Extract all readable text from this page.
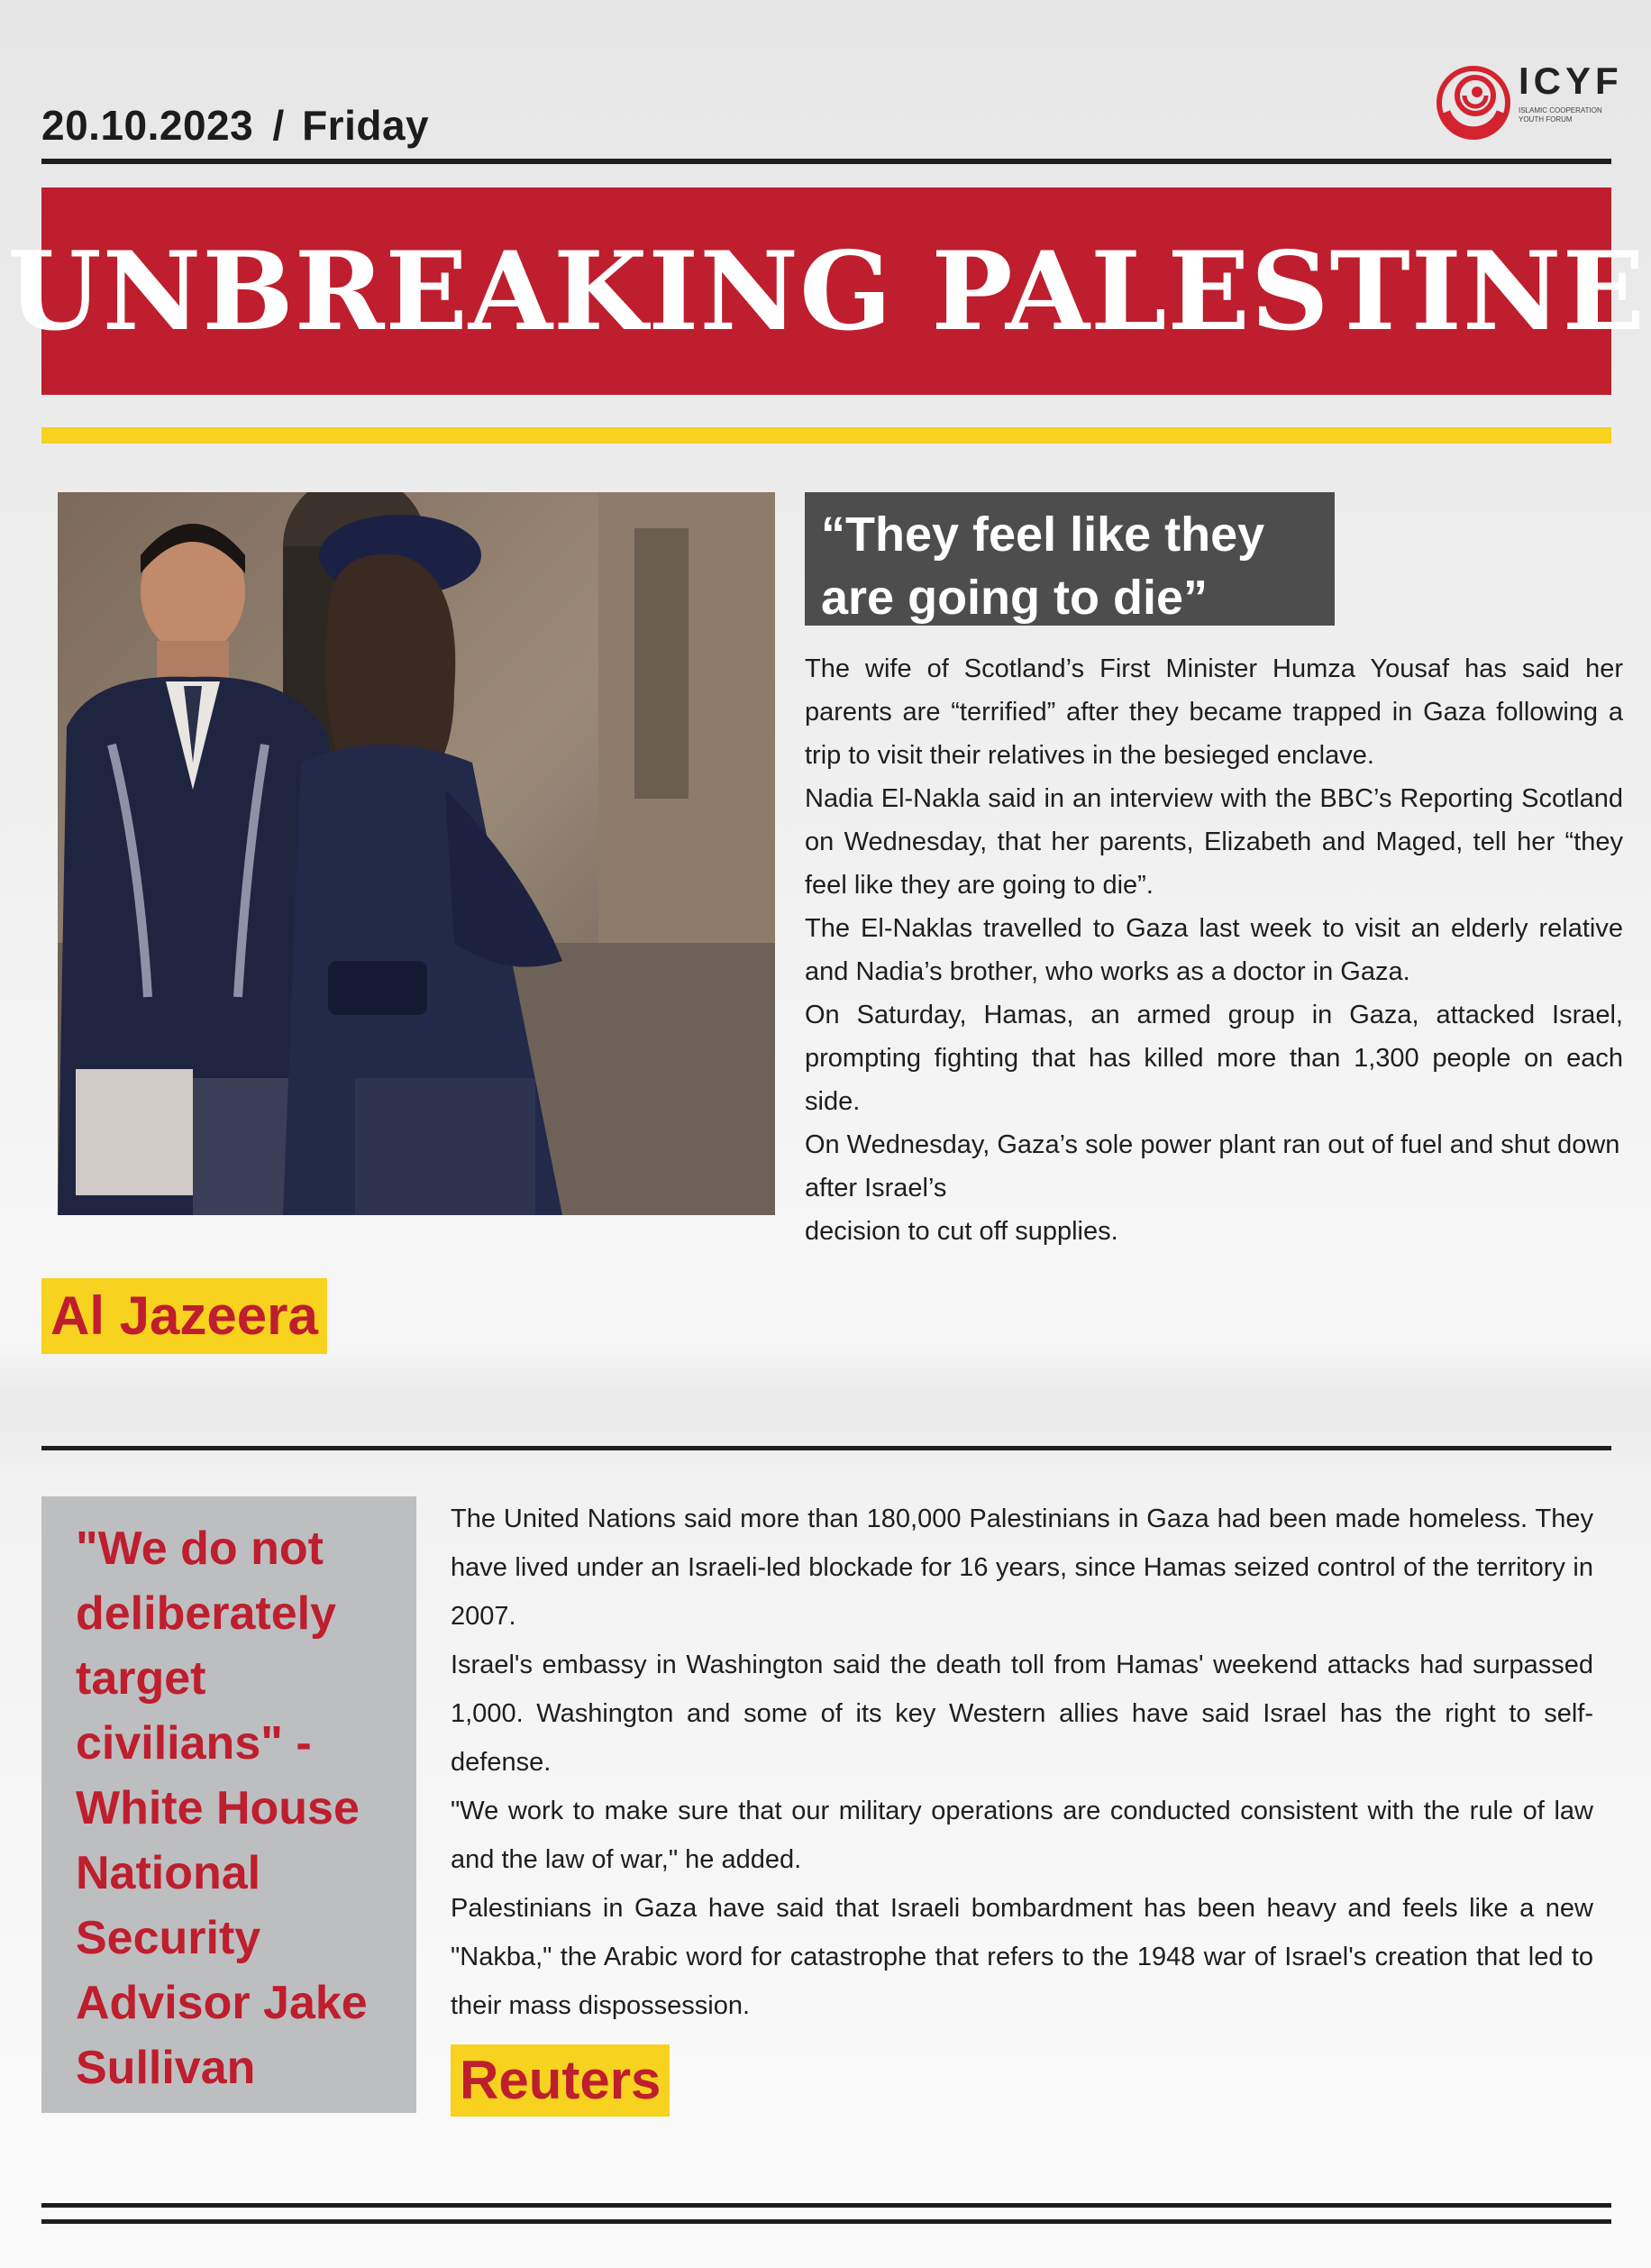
20.10.2023 / Friday
ICYF
ISLAMIC COOPERATION YOUTH FORUM
UNBREAKING PALESTINE
“They feel like they
are going to die”

The wife of Scotland’s First Minister Humza Yousaf has said her parents are “terrified” after they became trapped in Gaza following a trip to visit their relatives in the besieged enclave.

Nadia El-Nakla said in an interview with the BBC’s Reporting Scotland on Wednesday, that her parents, Elizabeth and Maged, tell her “they feel like they are going to die”.

The El-Naklas travelled to Gaza last week to visit an elderly relative and Nadia’s brother, who works as a doctor in Gaza.

On Saturday, Hamas, an armed group in Gaza, attacked Israel, prompting fighting that has killed more than 1,300 people on each side.

On Wednesday, Gaza’s sole power plant ran out of fuel and shut down after Israel’s

decision to cut off supplies.

Al Jazeera
"We do not deliberately target civilians" - White House National Security Advisor Jake Sullivan

The United Nations said more than 180,000 Palestinians in Gaza had been made homeless. They have lived under an Israeli-led blockade for 16 years, since Hamas seized control of the territory in 2007.

Israel's embassy in Washington said the death toll from Hamas' weekend attacks had surpassed 1,000. Washington and some of its key Western allies have said Israel has the right to self-defense.

"We work to make sure that our military operations are conducted consistent with the rule of law and the law of war," he added.

Palestinians in Gaza have said that Israeli bombardment has been heavy and feels like a new "Nakba," the Arabic word for catastrophe that refers to the 1948 war of Israel's creation that led to their mass dispossession.

Reuters
